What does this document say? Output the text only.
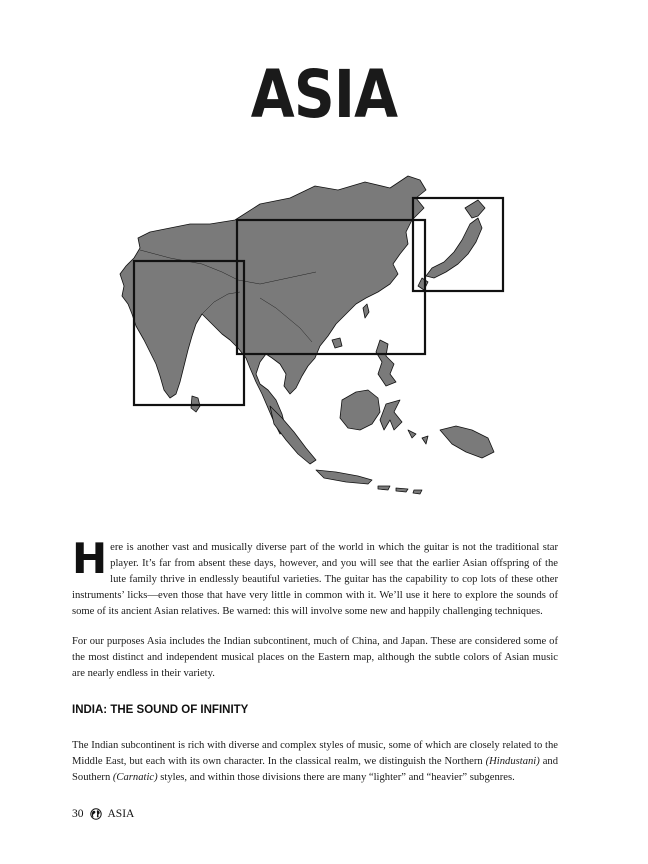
ASIA
Here is another vast and musically diverse part of the world in which the guitar is not the traditional star player. It’s far from absent these days, however, and you will see that the earlier Asian offspring of the lute family thrive in endlessly beautiful varieties. The guitar has the capability to cop lots of these other instruments’ licks—even those that have very little in common with it. We’ll use it here to explore the sounds of some of its ancient Asian relatives. Be warned: this will involve some new and happily challenging techniques.
For our purposes Asia includes the Indian subcontinent, much of China, and Japan. These are considered some of the most distinct and independent musical places on the Eastern map, although the subtle colors of Asian music are nearly endless in their variety.
INDIA: THE SOUND OF INFINITY
The Indian subcontinent is rich with diverse and complex styles of music, some of which are closely related to the Middle East, but each with its own character. In the classical realm, we distinguish the Northern (Hindustani) and Southern (Carnatic) styles, and within those divisions there are many “lighter” and “heavier” subgenres.
30 ASIA
